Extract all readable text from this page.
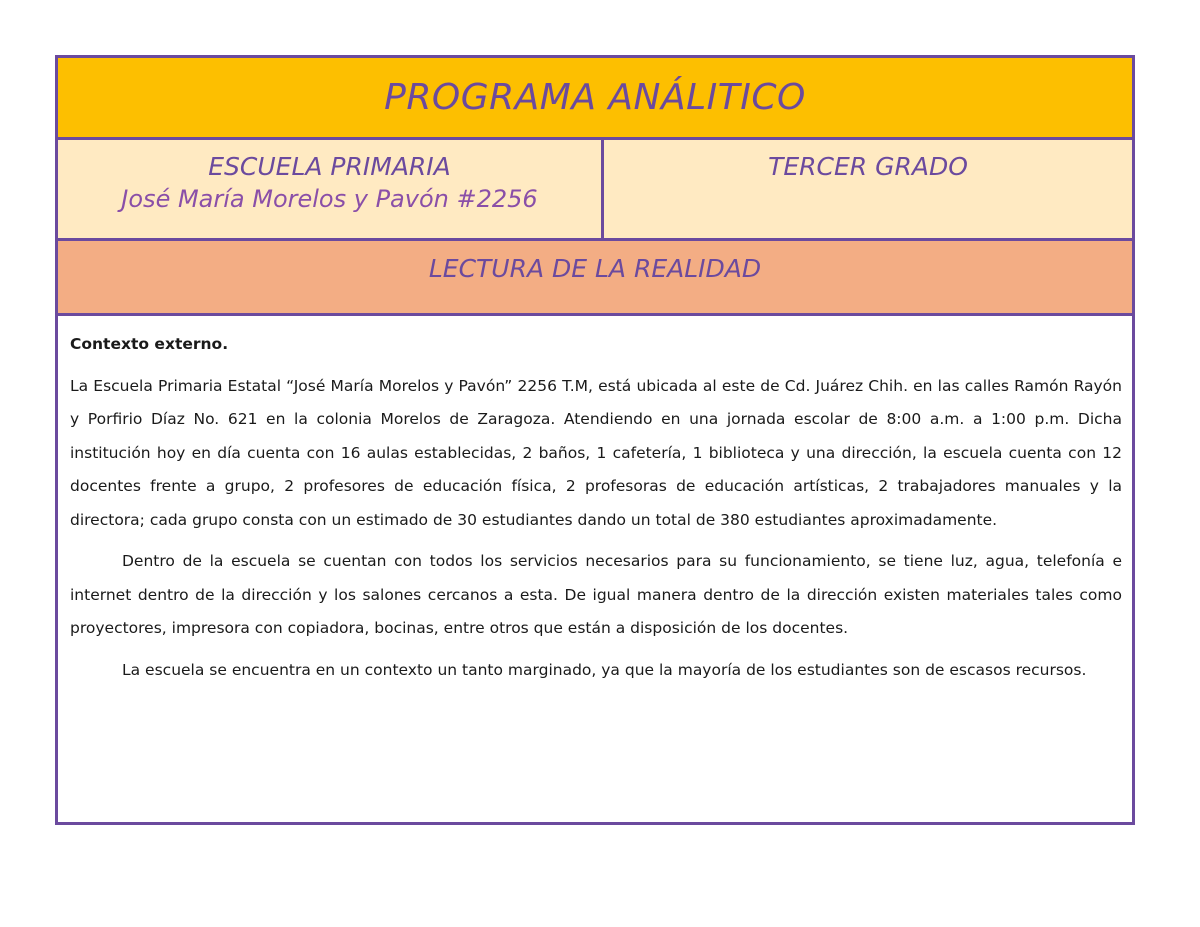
PROGRAMA ANÁLITICO
ESCUELA PRIMARIA
José María Morelos y Pavón #2256
TERCER GRADO
LECTURA DE LA REALIDAD

Contexto externo.

La Escuela Primaria Estatal “José María Morelos y Pavón” 2256 T.M, está ubicada al este de Cd. Juárez Chih. en las calles Ramón Rayón y Porfirio Díaz No. 621 en la colonia Morelos de Zaragoza. Atendiendo en una jornada escolar de 8:00 a.m. a 1:00 p.m. Dicha institución hoy en día cuenta con 16 aulas establecidas, 2 baños, 1 cafetería, 1 biblioteca y una dirección, la escuela cuenta con 12 docentes frente a grupo, 2 profesores de educación física, 2 profesoras de educación artísticas, 2 trabajadores manuales y la directora; cada grupo consta con un estimado de 30 estudiantes dando un total de 380 estudiantes aproximadamente.

Dentro de la escuela se cuentan con todos los servicios necesarios para su funcionamiento, se tiene luz, agua, telefonía e internet dentro de la dirección y los salones cercanos a esta. De igual manera dentro de la dirección existen materiales tales como proyectores, impresora con copiadora, bocinas, entre otros que están a disposición de los docentes.

La escuela se encuentra en un contexto un tanto marginado, ya que la mayoría de los estudiantes son de escasos recursos.
